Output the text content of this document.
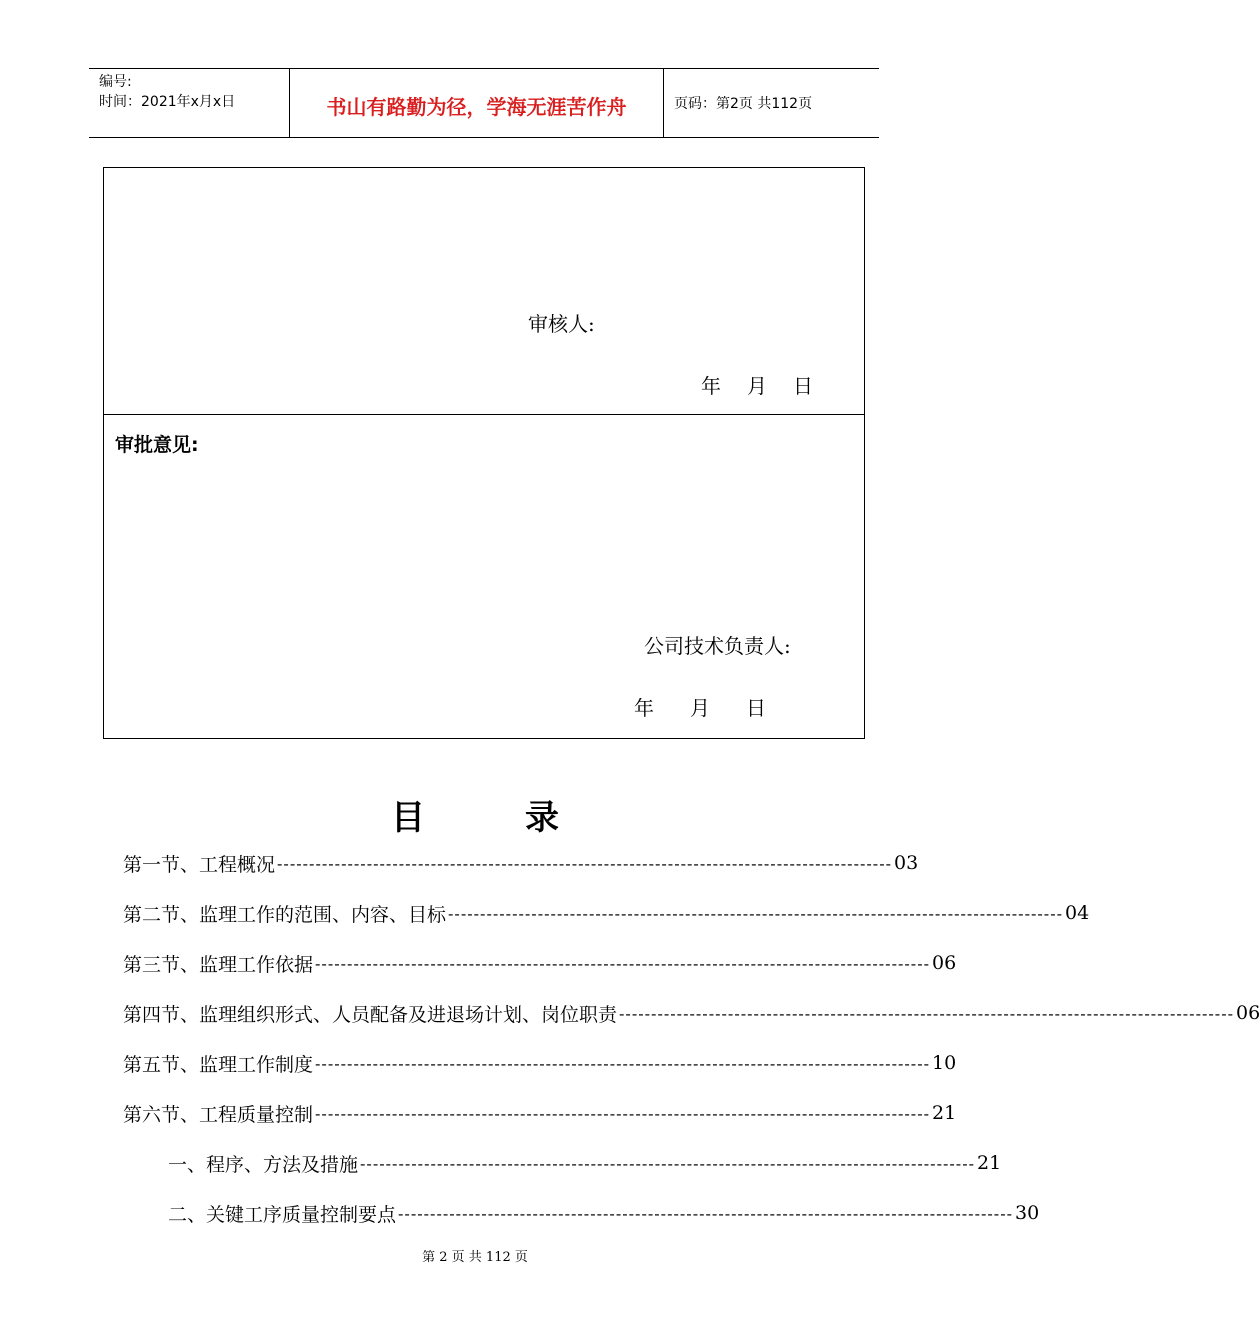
编号:
时间：2021年x月x日	书山有路勤为径，学海无涯苦作舟	页码：第2页 共112页
审核人:
年 月 日
审批意见:
公司技术负责人:
年 月 日
目	录
第一节、工程概况 ------------------------------------------------------------------------------------------------ 03
第二节、监理工作的范围、内容、目标 ------------------------------------------------------------------------------------------------ 04
第三节、监理工作依据 ------------------------------------------------------------------------------------------------ 06
第四节、监理组织形式、人员配备及进退场计划、岗位职责 ------------------------------------------------------------------------------------------------ 06
第五节、监理工作制度 ------------------------------------------------------------------------------------------------ 10
第六节、工程质量控制 ------------------------------------------------------------------------------------------------ 21
一、程序、方法及措施 ------------------------------------------------------------------------------------------------ 21
二、关键工序质量控制要点 ------------------------------------------------------------------------------------------------ 30
第 2 页 共 112 页
